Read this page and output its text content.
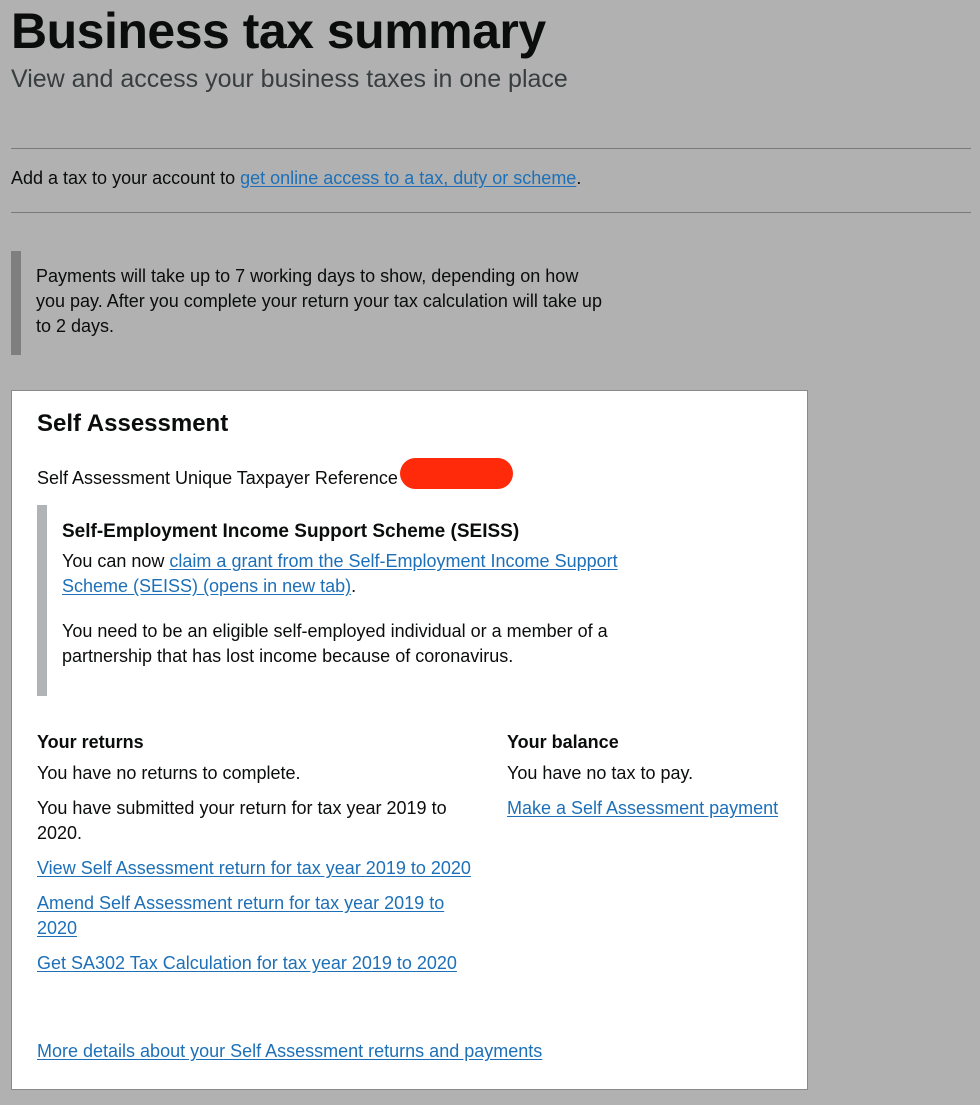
Business tax summary

View and access your business taxes in one place

Add a tax to your account to get online access to a tax, duty or scheme.
Payments will take up to 7 working days to show, depending on how you pay. After you complete your return your tax calculation will take up to 2 days.
Self Assessment
Self Assessment Unique Taxpayer Reference
Self-Employment Income Support Scheme (SEISS)

You can now claim a grant from the Self-Employment Income Support Scheme (SEISS) (opens in new tab).

You need to be an eligible self-employed individual or a member of a partnership that has lost income because of coronavirus.

Your returns

You have no returns to complete.

You have submitted your return for tax year 2019 to 2020.

View Self Assessment return for tax year 2019 to 2020

Amend Self Assessment return for tax year 2019 to 2020

Get SA302 Tax Calculation for tax year 2019 to 2020

Your balance

You have no tax to pay.

Make a Self Assessment payment

More details about your Self Assessment returns and payments
